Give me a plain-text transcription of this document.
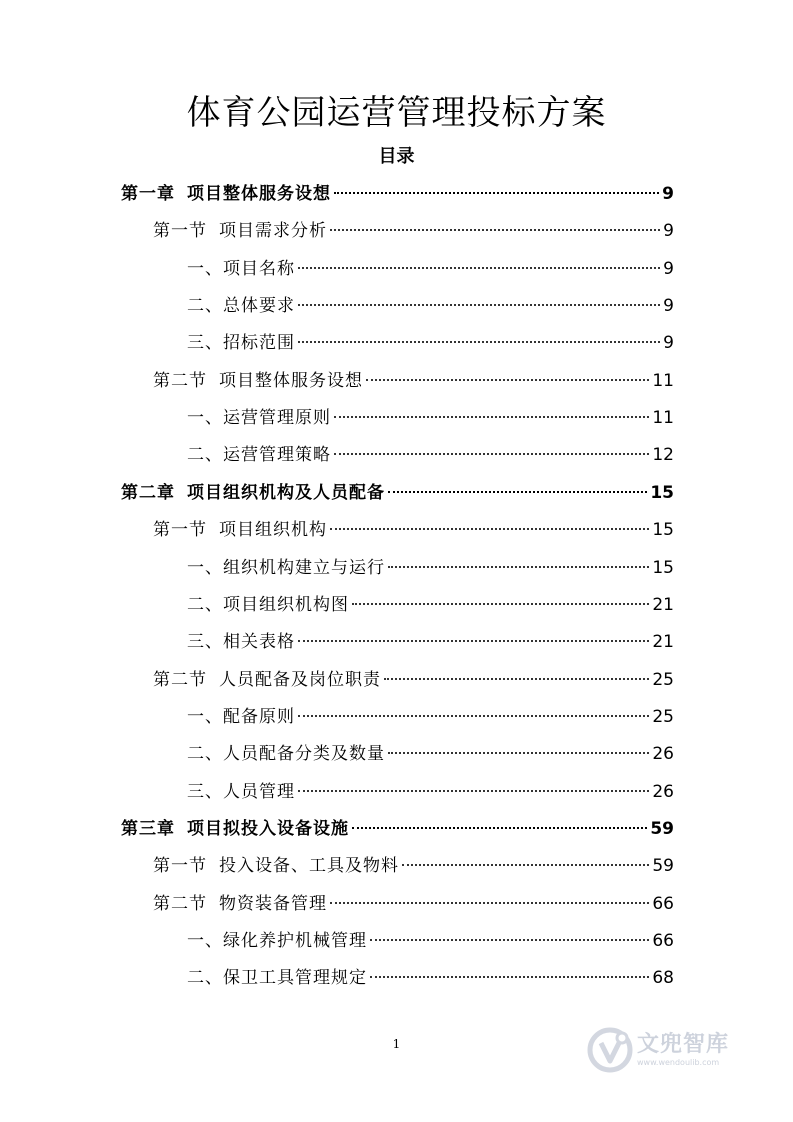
体育公园运营管理投标方案
目录
第一章 项目整体服务设想	9
第一节 项目需求分析	9
一、项目名称	9
二、总体要求	9
三、招标范围	9
第二节 项目整体服务设想	11
一、运营管理原则	11
二、运营管理策略	12
第二章 项目组织机构及人员配备	15
第一节 项目组织机构	15
一、组织机构建立与运行	15
二、项目组织机构图	21
三、相关表格	21
第二节 人员配备及岗位职责	25
一、配备原则	25
二、人员配备分类及数量	26
三、人员管理	26
第三章 项目拟投入设备设施	59
第一节 投入设备、工具及物料	59
第二节 物资装备管理	66
一、绿化养护机械管理	66
二、保卫工具管理规定	68
1	文兜智库
www.wendoulib.com
